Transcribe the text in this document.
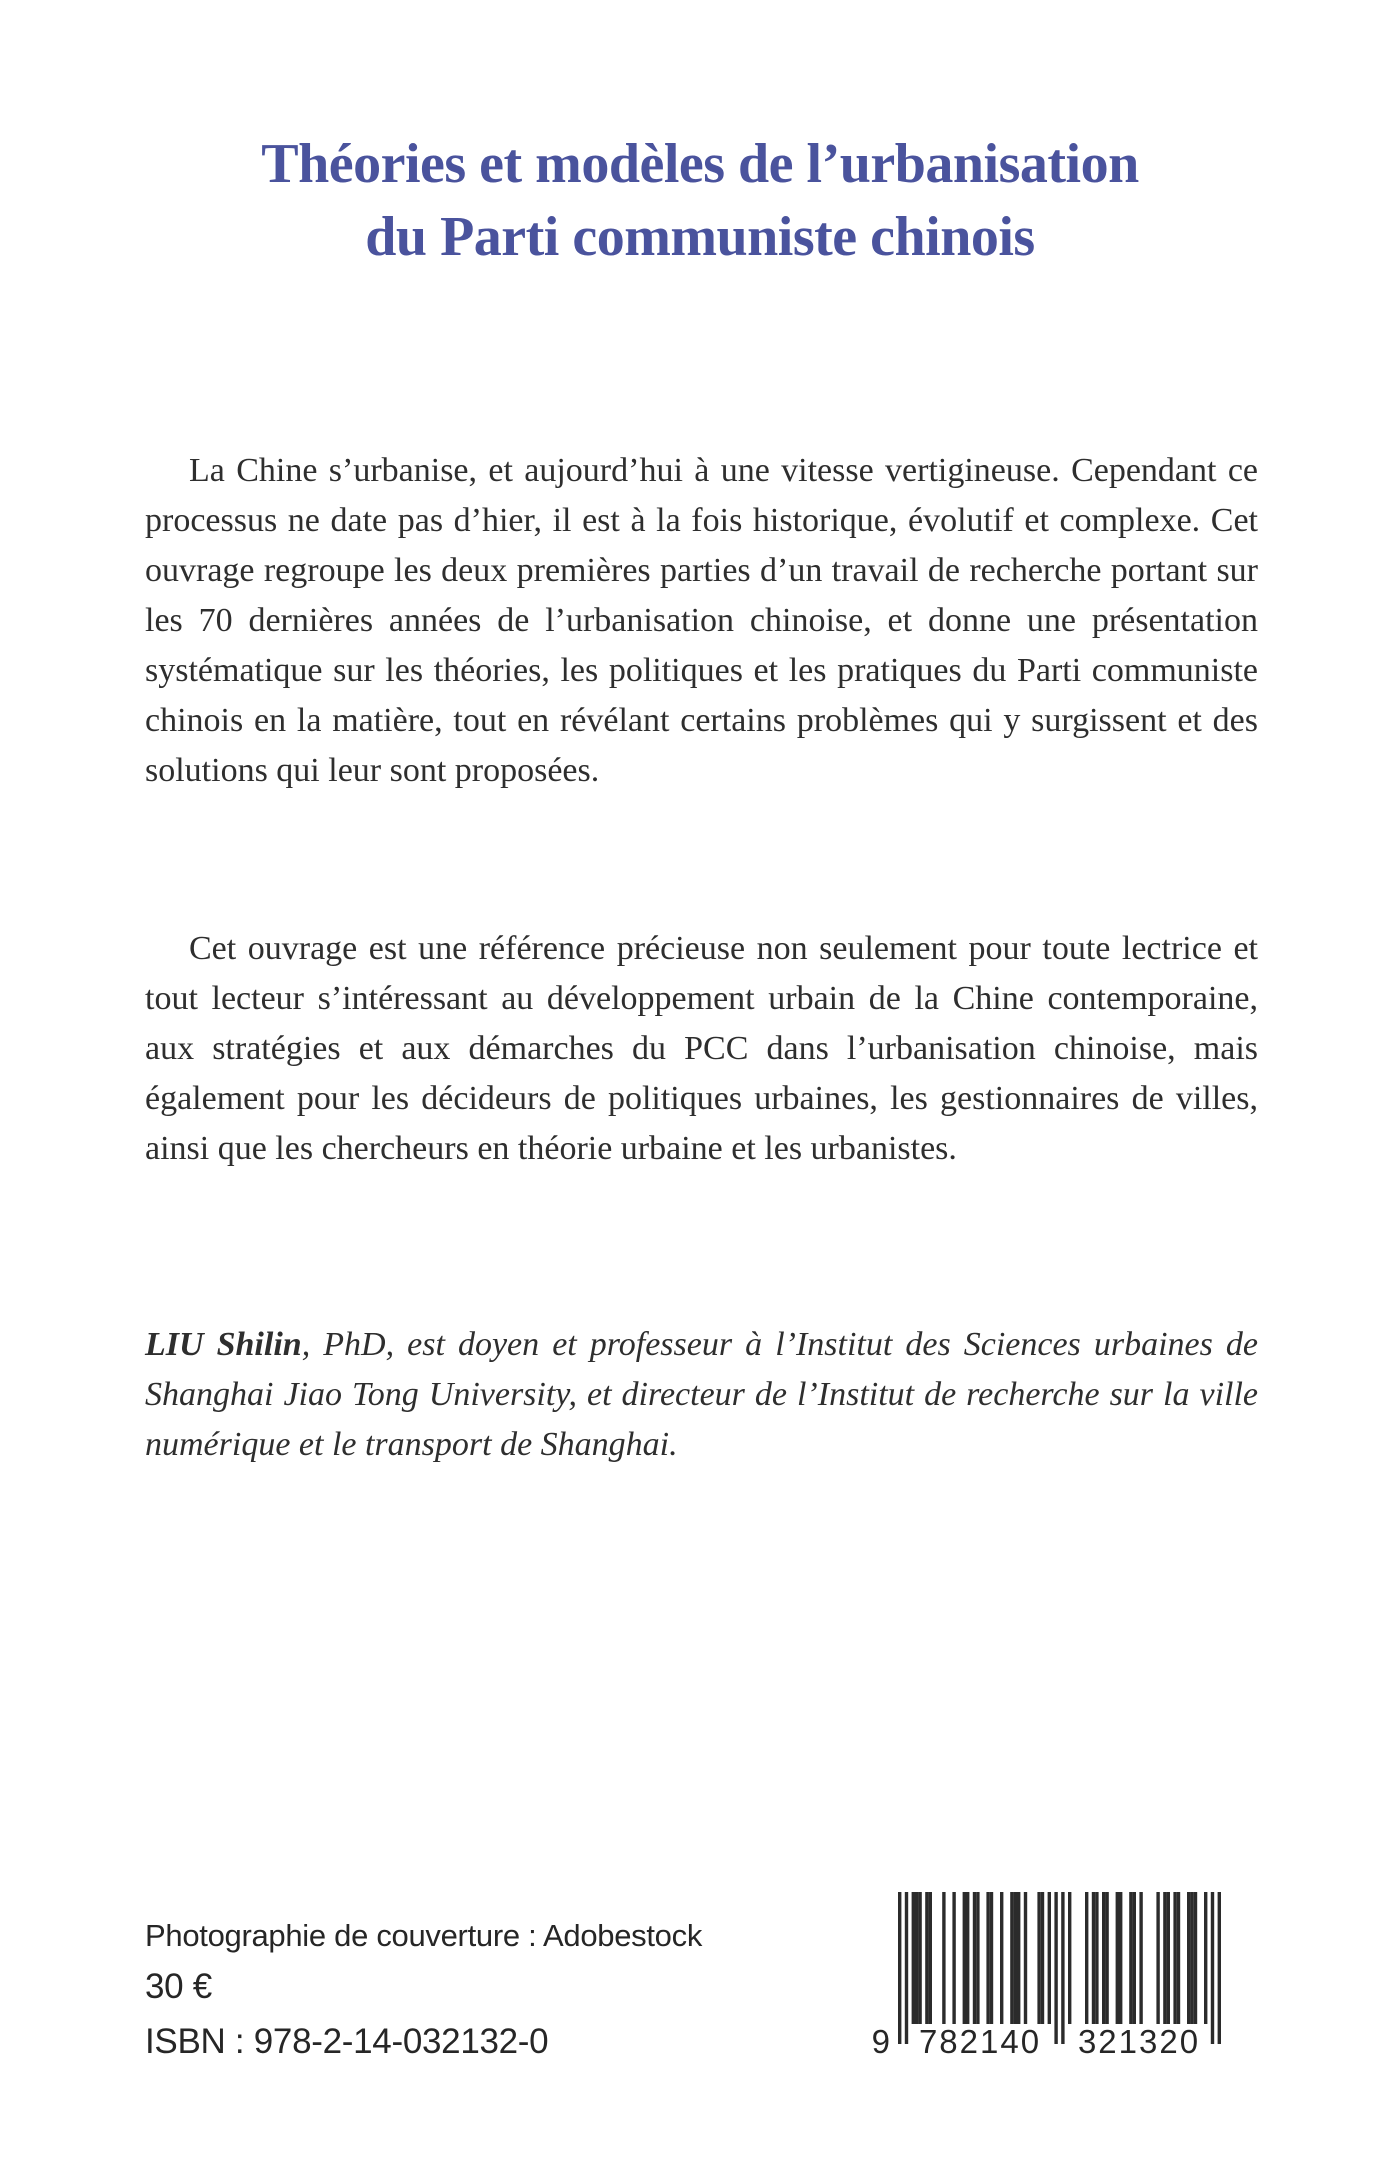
Théories et modèles de l’urbanisation
du Parti communiste chinois

La Chine s’urbanise, et aujourd’hui à une vitesse vertigineuse. Cependant ce processus ne date pas d’hier, il est à la fois historique, évolutif et complexe. Cet ouvrage regroupe les deux premières parties d’un travail de recherche portant sur les 70 dernières années de l’urbanisation chinoise, et donne une présentation systématique sur les théories, les politiques et les pratiques du Parti communiste chinois en la matière, tout en révélant certains problèmes qui y surgissent et des solutions qui leur sont proposées.

Cet ouvrage est une référence précieuse non seulement pour toute lectrice et tout lecteur s’intéressant au développement urbain de la Chine contemporaine, aux stratégies et aux démarches du PCC dans l’urbanisation chinoise, mais également pour les décideurs de politiques urbaines, les gestionnaires de villes, ainsi que les chercheurs en théorie urbaine et les urbanistes.

LIU Shilin, PhD, est doyen et professeur à l’Institut des Sciences urbaines de Shanghai Jiao Tong University, et directeur de l’Institut de recherche sur la ville numérique et le transport de Shanghai.

Photographie de couverture : Adobestock
30 €
ISBN : 978-2-14-032132-0	9 782140 321320
